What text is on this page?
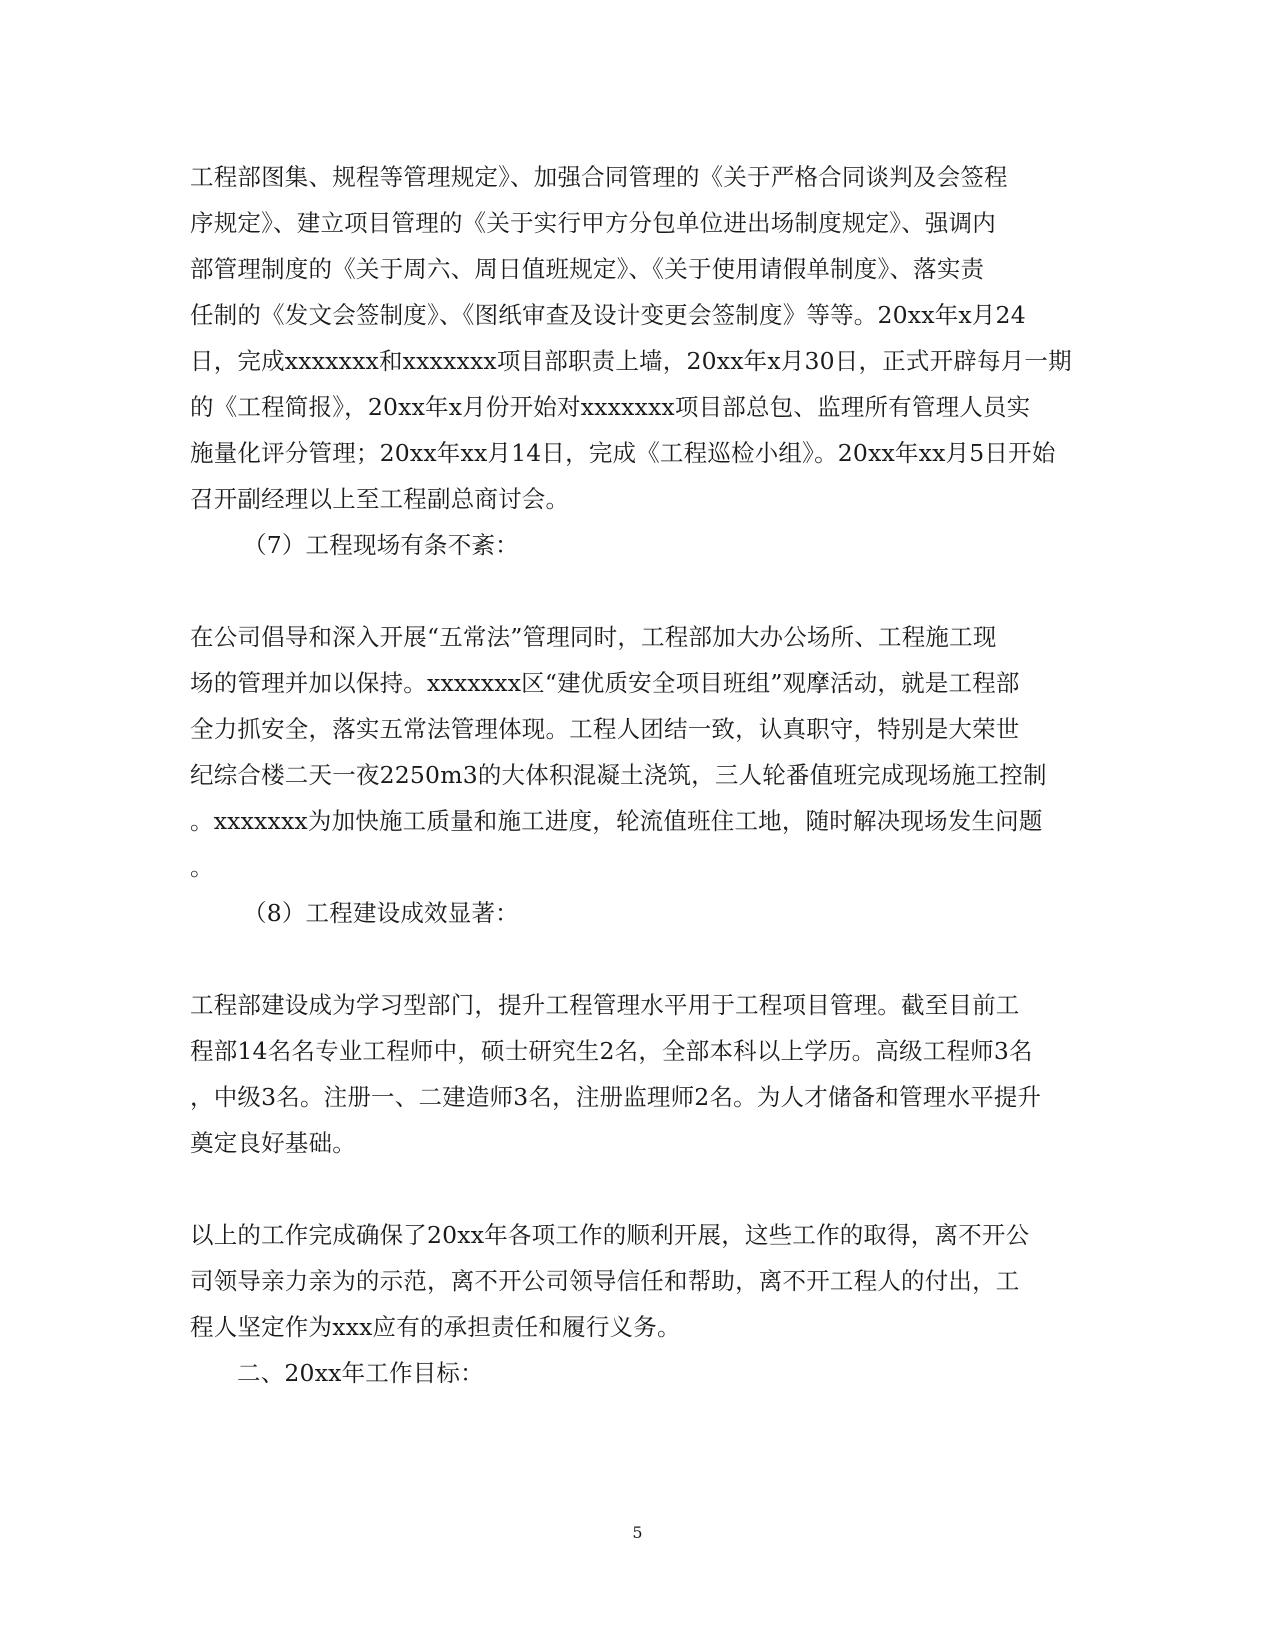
工程部图集、规程等管理规定》、加强合同管理的《关于严格合同谈判及会签程
序规定》、建立项目管理的《关于实行甲方分包单位进出场制度规定》、强调内
部管理制度的《关于周六、周日值班规定》、《关于使用请假单制度》、落实责
任制的《发文会签制度》、《图纸审查及设计变更会签制度》等等。20xx年x月24
日，完成xxxxxxx和xxxxxxx项目部职责上墙，20xx年x月30日，正式开辟每月一期
的《工程简报》，20xx年x月份开始对xxxxxxx项目部总包、监理所有管理人员实
施量化评分管理；20xx年xx月14日，完成《工程巡检小组》。20xx年xx月5日开始
召开副经理以上至工程副总商讨会。
（7）工程现场有条不紊：
在公司倡导和深入开展“五常法”管理同时，工程部加大办公场所、工程施工现
场的管理并加以保持。xxxxxxx区“建优质安全项目班组”观摩活动，就是工程部
全力抓安全，落实五常法管理体现。工程人团结一致，认真职守，特别是大荣世
纪综合楼二天一夜2250m3的大体积混凝土浇筑，三人轮番值班完成现场施工控制
。xxxxxxx为加快施工质量和施工进度，轮流值班住工地，随时解决现场发生问题
。
（8）工程建设成效显著：
工程部建设成为学习型部门，提升工程管理水平用于工程项目管理。截至目前工
程部14名名专业工程师中，硕士研究生2名，全部本科以上学历。高级工程师3名
，中级3名。注册一、二建造师3名，注册监理师2名。为人才储备和管理水平提升
奠定良好基础。
以上的工作完成确保了20xx年各项工作的顺利开展，这些工作的取得，离不开公
司领导亲力亲为的示范，离不开公司领导信任和帮助，离不开工程人的付出，工
程人坚定作为xxx应有的承担责任和履行义务。
二、20xx年工作目标：
5
